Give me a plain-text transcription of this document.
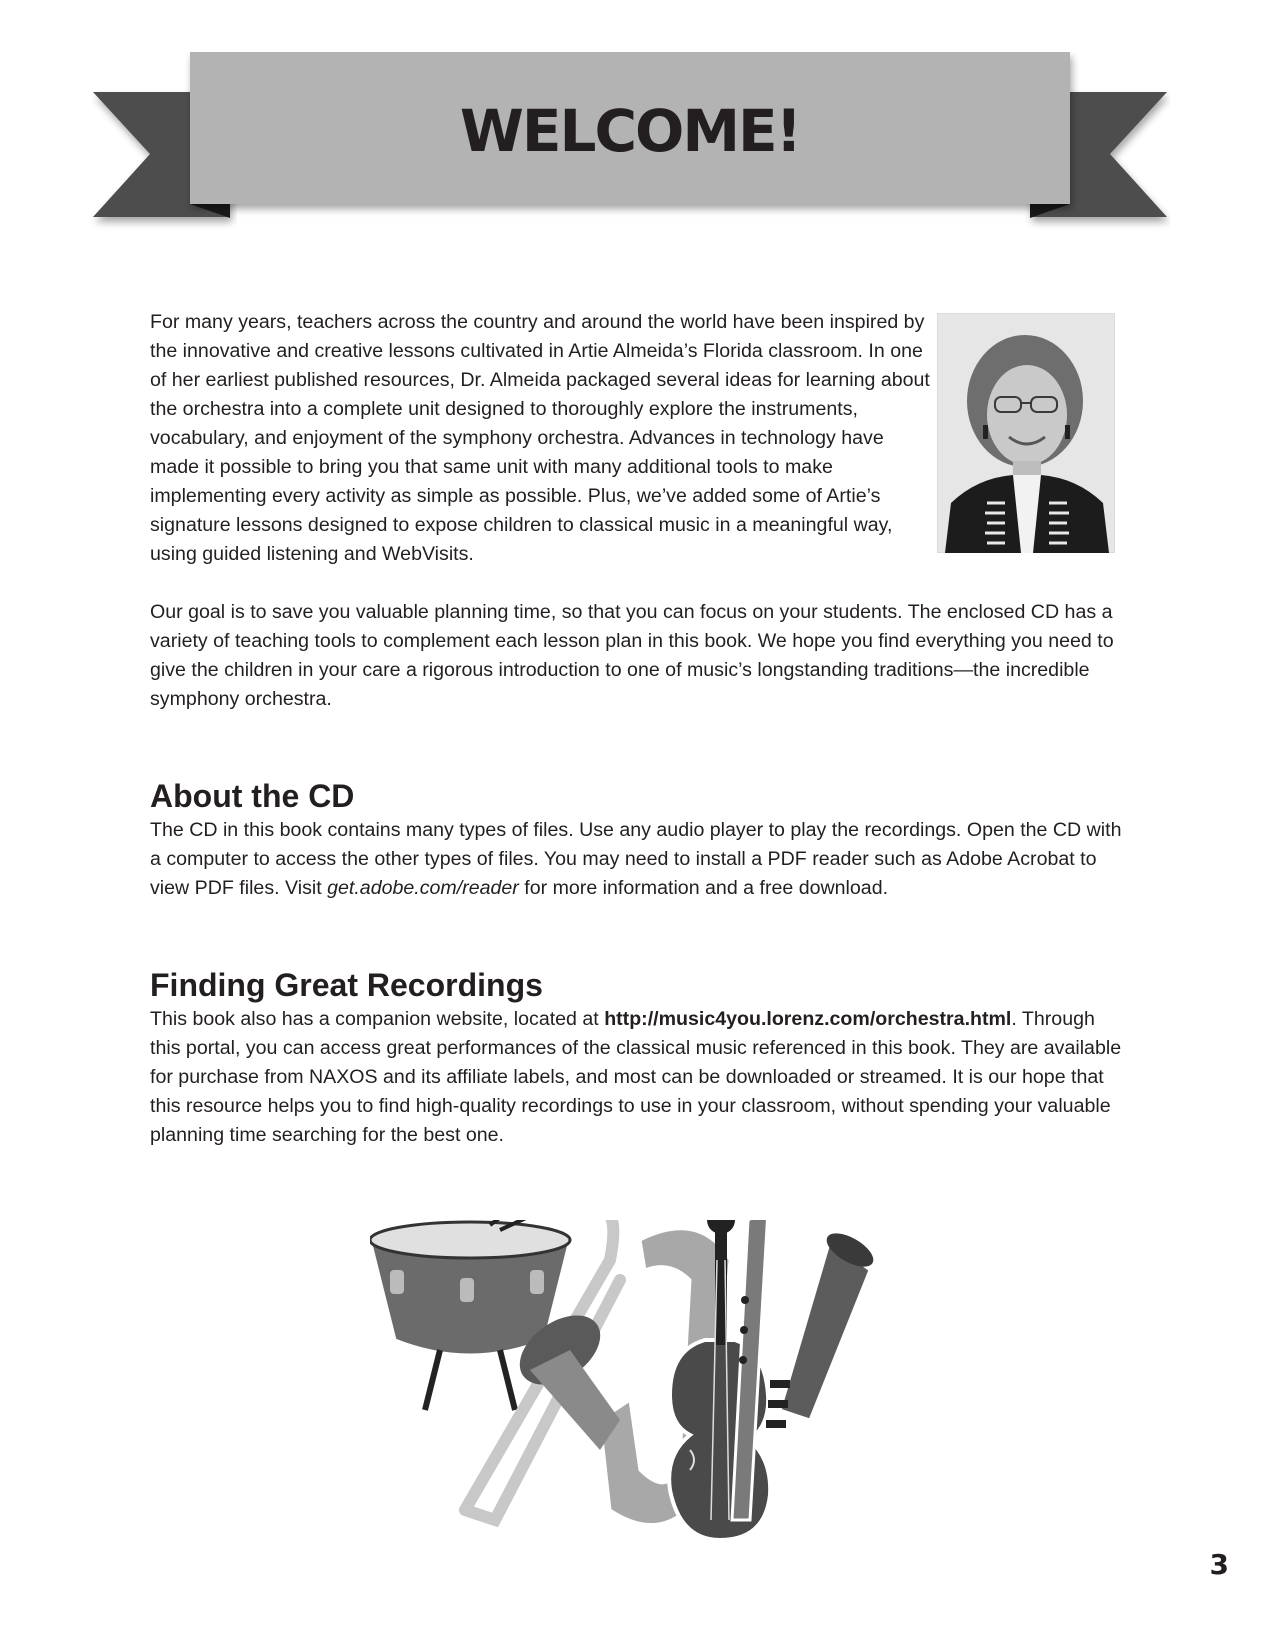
WELCOME!

For many years, teachers across the country and around the world have been inspired by the innovative and creative lessons cultivated in Artie Almeida’s Florida classroom. In one of her earliest published resources, Dr. Almeida packaged several ideas for learning about the orchestra into a complete unit designed to thoroughly explore the instruments, vocabulary, and enjoyment of the symphony orchestra. Advances in technology have made it possible to bring you that same unit with many additional tools to make implementing every activity as simple as possible. Plus, we’ve added some of Artie’s signature lessons designed to expose children to classical music in a meaningful way, using guided listening and WebVisits.

Our goal is to save you valuable planning time, so that you can focus on your students. The enclosed CD has a variety of teaching tools to complement each lesson plan in this book. We hope you find everything you need to give the children in your care a rigorous introduction to one of music’s longstanding traditions—the incredible symphony orchestra.

About the CD

The CD in this book contains many types of files. Use any audio player to play the recordings. Open the CD with a computer to access the other types of files. You may need to install a PDF reader such as Adobe Acrobat to view PDF files. Visit get.adobe.com/reader for more information and a free download.

Finding Great Recordings

This book also has a companion website, located at http://music4you.lorenz.com/orchestra.html. Through this portal, you can access great performances of the classical music referenced in this book. They are available for purchase from NAXOS and its affiliate labels, and most can be downloaded or streamed. It is our hope that this resource helps you to find high-quality recordings to use in your classroom, without spending your valuable planning time searching for the best one.

3
